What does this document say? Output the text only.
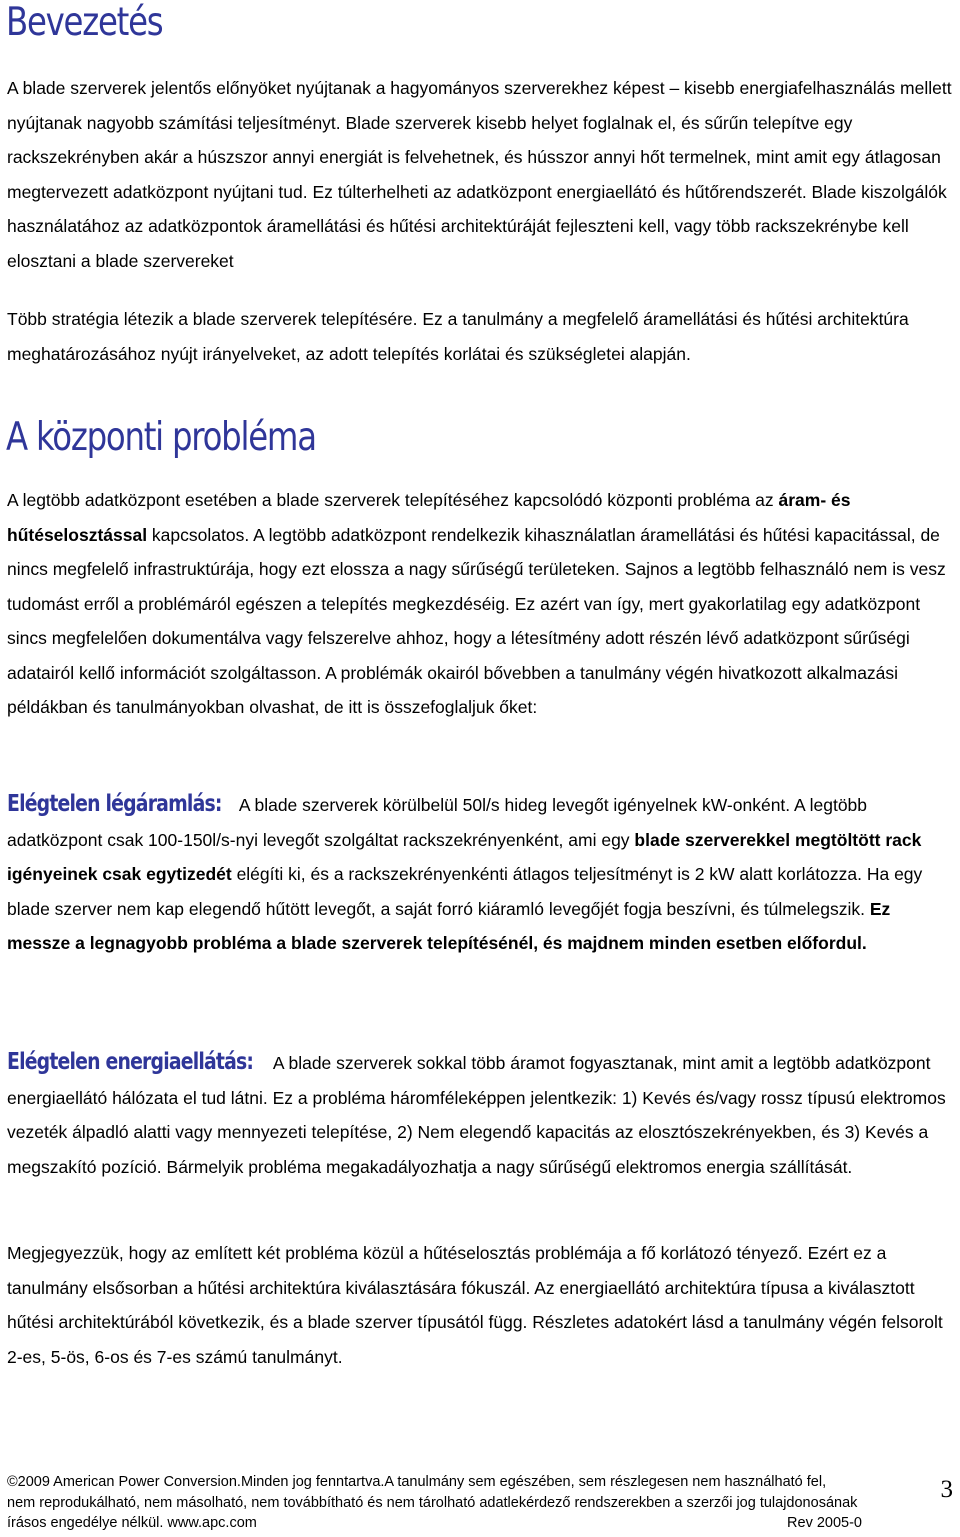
Bevezetés

A blade szerverek jelentős előnyöket nyújtanak a hagyományos szerverekhez képest – kisebb energiafelhasználás mellett nyújtanak nagyobb számítási teljesítményt. Blade szerverek kisebb helyet foglalnak el, és sűrűn telepítve egy rackszekrényben akár a húszszor annyi energiát is felvehetnek, és hússzor annyi hőt termelnek, mint amit egy átlagosan megtervezett adatközpont nyújtani tud. Ez túlterhelheti az adatközpont energiaellátó és hűtőrendszerét. Blade kiszolgálók használatához az adatközpontok áramellátási és hűtési architektúráját fejleszteni kell, vagy több rackszekrénybe kell elosztani a blade szervereket

Több stratégia létezik a blade szerverek telepítésére. Ez a tanulmány a megfelelő áramellátási és hűtési architektúra meghatározásához nyújt irányelveket, az adott telepítés korlátai és szükségletei alapján.

A központi probléma

A legtöbb adatközpont esetében a blade szerverek telepítéséhez kapcsolódó központi probléma az áram- és hűtéselosztással kapcsolatos. A legtöbb adatközpont rendelkezik kihasználatlan áramellátási és hűtési kapacitással, de nincs megfelelő infrastruktúrája, hogy ezt elossza a nagy sűrűségű területeken. Sajnos a legtöbb felhasználó nem is vesz tudomást erről a problémáról egészen a telepítés megkezdéséig. Ez azért van így, mert gyakorlatilag egy adatközpont sincs megfelelően dokumentálva vagy felszerelve ahhoz, hogy a létesítmény adott részén lévő adatközpont sűrűségi adatairól kellő információt szolgáltasson. A problémák okairól bővebben a tanulmány végén hivatkozott alkalmazási példákban és tanulmányokban olvashat, de itt is összefoglaljuk őket:

Elégtelen légáramlás: A blade szerverek körülbelül 50l/s hideg levegőt igényelnek kW-onként. A legtöbb adatközpont csak 100-150l/s-nyi levegőt szolgáltat rackszekrényenként, ami egy blade szerverekkel megtöltött rack igényeinek csak egytizedét elégíti ki, és a rackszekrényenkénti átlagos teljesítményt is 2 kW alatt korlátozza. Ha egy blade szerver nem kap elegendő hűtött levegőt, a saját forró kiáramló levegőjét fogja beszívni, és túlmelegszik. Ez messze a legnagyobb probléma a blade szerverek telepítésénél, és majdnem minden esetben előfordul.

Elégtelen energiaellátás: A blade szerverek sokkal több áramot fogyasztanak, mint amit a legtöbb adatközpont energiaellátó hálózata el tud látni. Ez a probléma háromféleképpen jelentkezik: 1) Kevés és/vagy rossz típusú elektromos vezeték álpadló alatti vagy mennyezeti telepítése, 2) Nem elegendő kapacitás az elosztószekrényekben, és 3) Kevés a megszakító pozíció. Bármelyik probléma megakadályozhatja a nagy sűrűségű elektromos energia szállítását.

Megjegyezzük, hogy az említett két probléma közül a hűtéselosztás problémája a fő korlátozó tényező. Ezért ez a tanulmány elsősorban a hűtési architektúra kiválasztására fókuszál. Az energiaellátó architektúra típusa a kiválasztott hűtési architektúrából következik, és a blade szerver típusától függ. Részletes adatokért lásd a tanulmány végén felsorolt 2-es, 5-ös, 6-os és 7-es számú tanulmányt.

©2009 American Power Conversion.Minden jog fenntartva.A tanulmány sem egészében, sem részlegesen nem használható fel,
nem reprodukálható, nem másolható, nem továbbítható és nem tárolható adatlekérdező rendszerekben a szerzői jog tulajdonosának
írásos engedélye nélkül. www.apc.com	Rev 2005-0
3
